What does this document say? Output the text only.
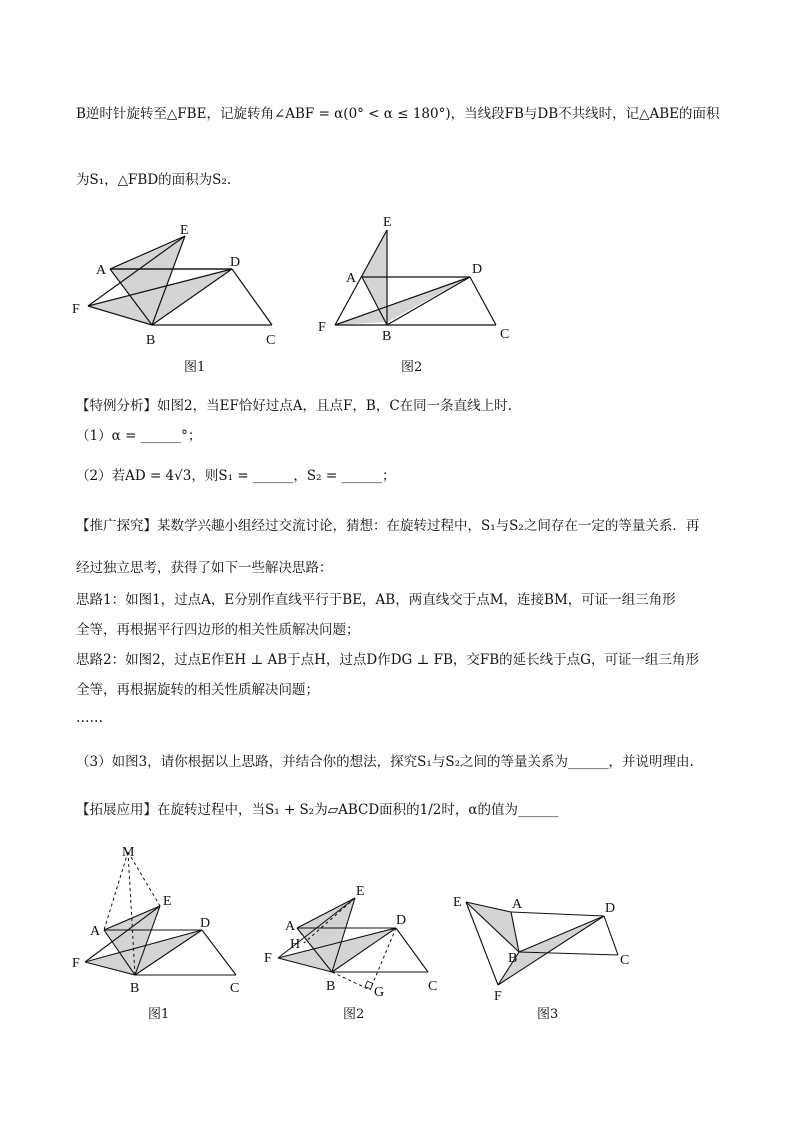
B逆时针旋转至△FBE，记旋转角∠ABF = α(0° < α ≤ 180°)，当线段FB与DB不共线时，记△ABE的面积
为S₁，△FBD的面积为S₂.
【特例分析】如图2，当EF恰好过点A，且点F，B，C在同一条直线上时.
（1）α = ______°；
（2）若AD = 4√3，则S₁ = ______，S₂ = ______；
【推广探究】某数学兴趣小组经过交流讨论，猜想：在旋转过程中，S₁与S₂之间存在一定的等量关系．再
经过独立思考，获得了如下一些解决思路：
思路1：如图1，过点A，E分别作直线平行于BE，AB，两直线交于点M，连接BM，可证一组三角形
全等，再根据平行四边形的相关性质解决问题；
思路2：如图2，过点E作EH ⊥ AB于点H，过点D作DG ⊥ FB，交FB的延长线于点G，可证一组三角形
全等，再根据旋转的相关性质解决问题；
……
（3）如图3，请你根据以上思路，并结合你的想法，探究S₁与S₂之间的等量关系为______，并说明理由.
【拓展应用】在旋转过程中，当S₁ + S₂为▱ABCD面积的1/2时，α的值为______
A
B	C
D
E
F
图1
E
A
D
F
B	C
图2
M
E
A
D
F
B	C
图1
E
A
H
D
F
B	G	C
图2
E	A	D
B	C
F
图3
